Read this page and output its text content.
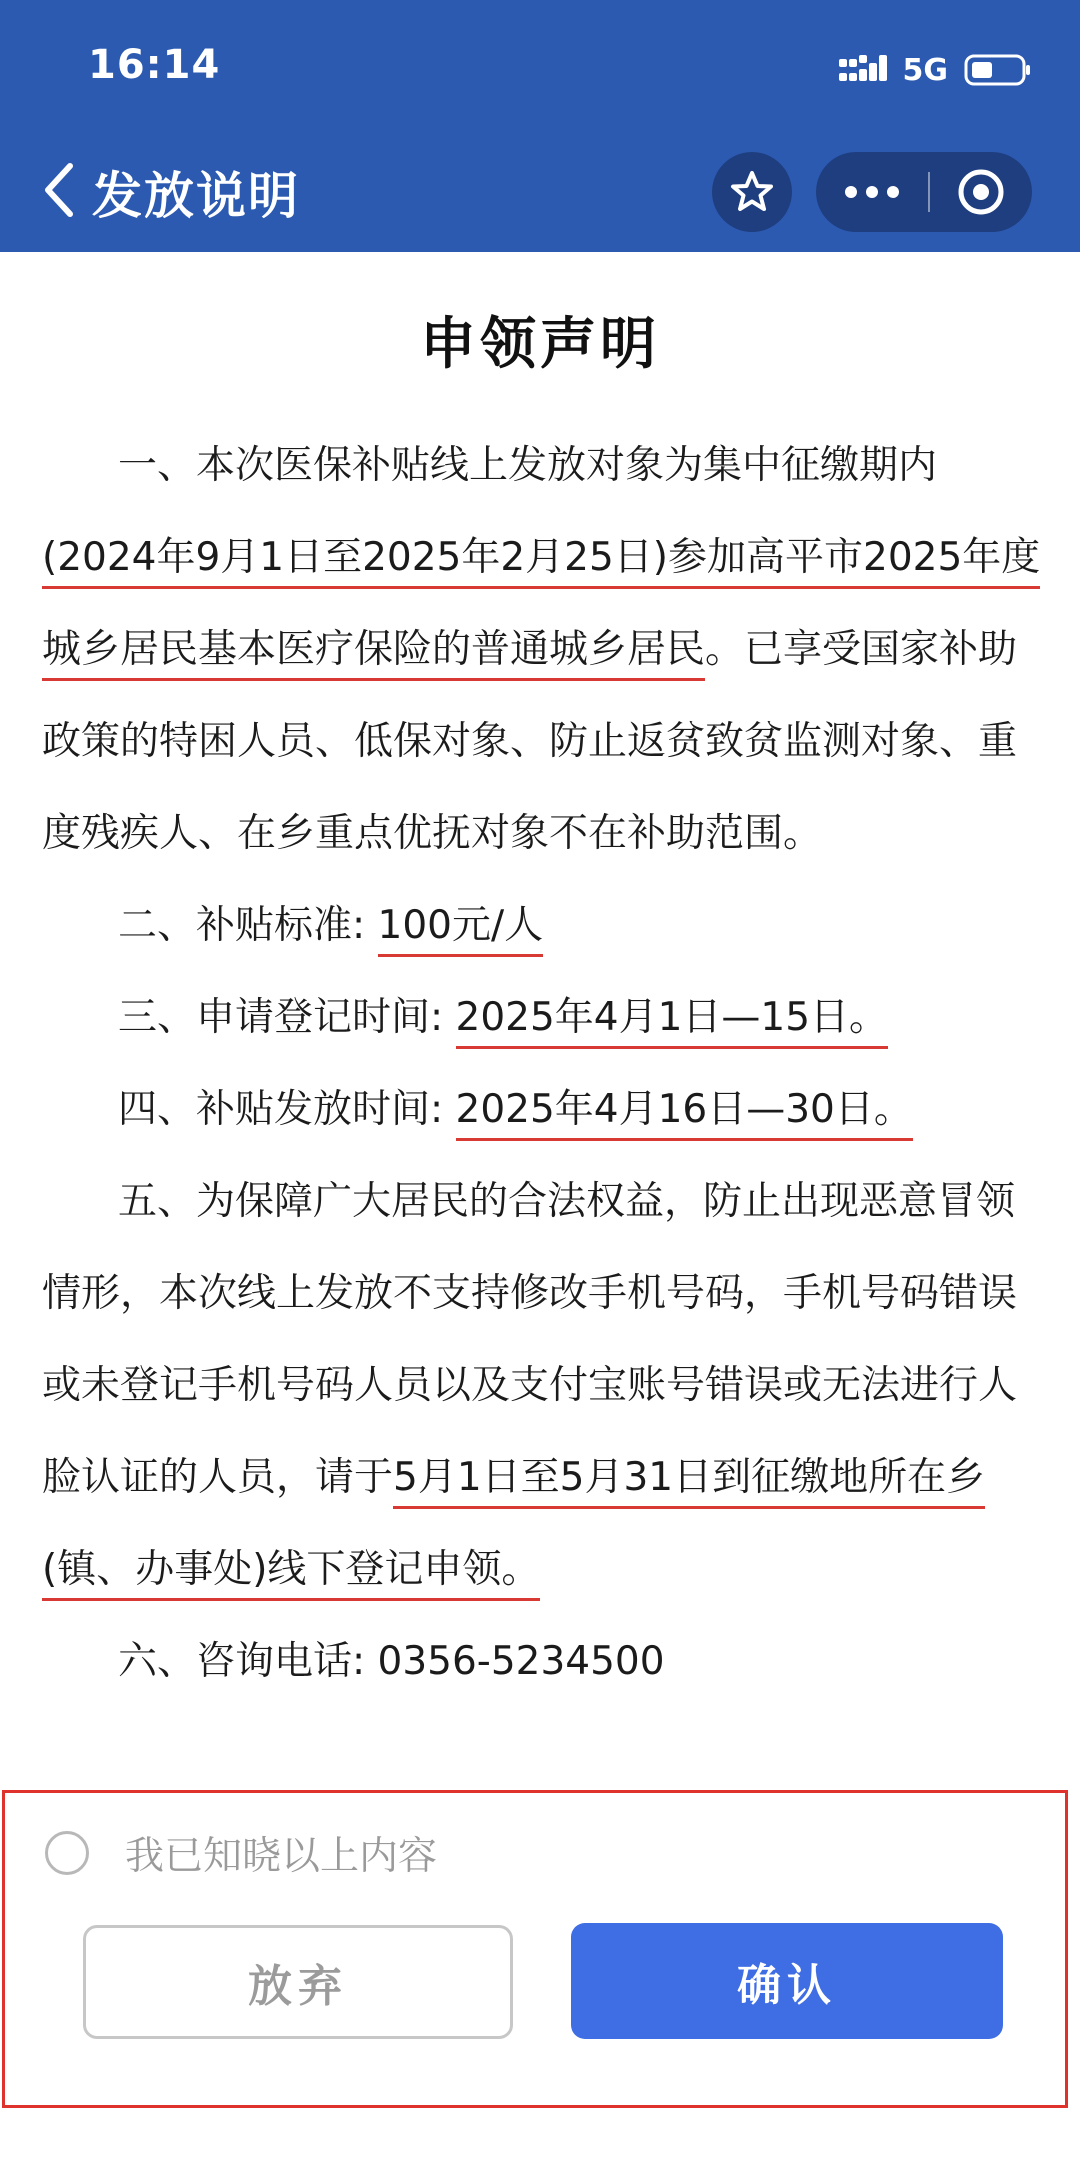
16:14	5G
发放说明
申领声明

一、本次医保补贴线上发放对象为集中征缴期内(2024年9月1日至2025年2月25日)参加高平市2025年度城乡居民基本医疗保险的普通城乡居民。已享受国家补助政策的特困人员、低保对象、防止返贫致贫监测对象、重度残疾人、在乡重点优抚对象不在补助范围。

二、补贴标准: 100元/人

三、申请登记时间: 2025年4月1日—15日。

四、补贴发放时间: 2025年4月16日—30日。

五、为保障广大居民的合法权益，防止出现恶意冒领情形，本次线上发放不支持修改手机号码，手机号码错误或未登记手机号码人员以及支付宝账号错误或无法进行人脸认证的人员，请于5月1日至5月31日到征缴地所在乡(镇、办事处)线下登记申领。

六、咨询电话: 0356-5234500

我已知晓以上内容
放弃	确认
